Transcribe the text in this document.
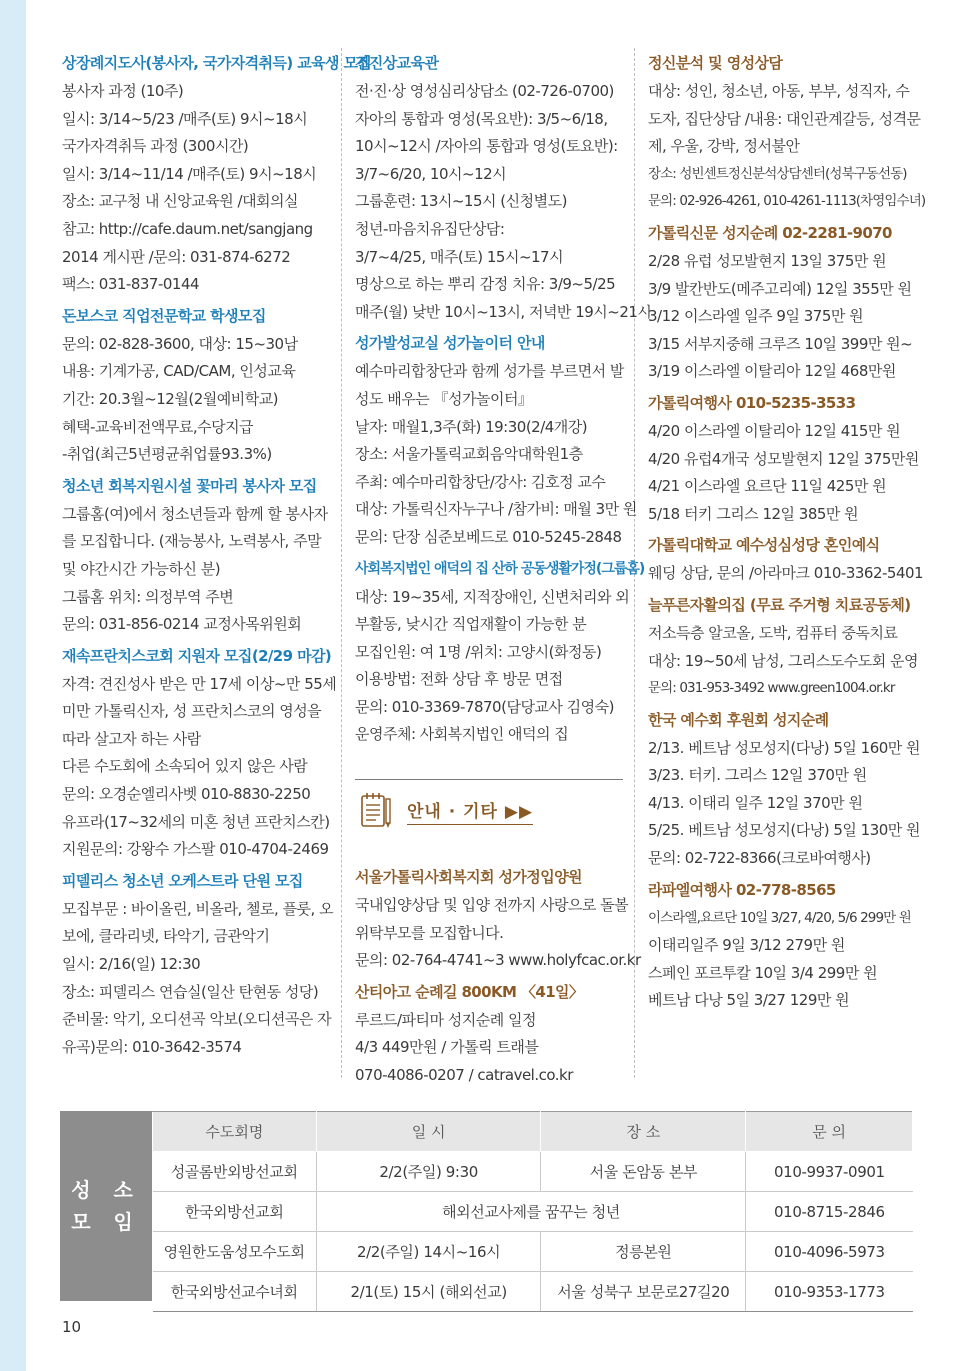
상장례지도사(봉사자, 국가자격취득) 교육생 모집
봉사자 과정 (10주)
일시: 3/14~5/23 /매주(토) 9시~18시
국가자격취득 과정 (300시간)
일시: 3/14~11/14 /매주(토) 9시~18시
장소: 교구청 내 신앙교육원 /대회의실
참고: http://cafe.daum.net/sangjang
2014 게시판 /문의: 031-874-6272
팩스: 031-837-0144
돈보스코 직업전문학교 학생모집
문의: 02-828-3600, 대상: 15~30남
내용: 기계가공, CAD/CAM, 인성교육
기간: 20.3월~12월(2월예비학교)
혜택-교육비전액무료,수당지급
-취업(최근5년평균취업률93.3%)
청소년 회복지원시설 꽃마리 봉사자 모집
그룹홈(여)에서 청소년들과 함께 할 봉사자
를 모집합니다. (재능봉사, 노력봉사, 주말
및 야간시간 가능하신 분)
그룹홈 위치: 의정부역 주변
문의: 031-856-0214 교정사목위원회
재속프란치스코회 지원자 모집(2/29 마감)
자격: 견진성사 받은 만 17세 이상~만 55세
미만 가톨릭신자, 성 프란치스코의 영성을
따라 살고자 하는 사람
다른 수도회에 소속되어 있지 않은 사람
문의: 오경순엘리사벳 010-8830-2250
유프라(17~32세의 미혼 청년 프란치스칸)
지원문의: 강왕수 가스팔 010-4704-2469
피델리스 청소년 오케스트라 단원 모집
모집부문 : 바이올린, 비올라, 첼로, 플룻, 오
보에, 클라리넷, 타악기, 금관악기
일시: 2/16(일) 12:30
장소: 피델리스 연습실(일산 탄현동 성당)
준비물: 악기, 오디션곡 악보(오디션곡은 자
유곡)문의: 010-3642-3574
전진상교육관
전·진·상 영성심리상담소 (02-726-0700)
자아의 통합과 영성(목요반): 3/5~6/18,
10시~12시 /자아의 통합과 영성(토요반):
3/7~6/20, 10시~12시
그룹훈련: 13시~15시 (신청별도)
청년-마음치유집단상담:
3/7~4/25, 매주(토) 15시~17시
명상으로 하는 뿌리 감정 치유: 3/9~5/25
매주(월) 낮반 10시~13시, 저녁반 19시~21시
성가발성교실 성가놀이터 안내
예수마리합창단과 함께 성가를 부르면서 발
성도 배우는 『성가놀이터』
날자: 매월1,3주(화) 19:30(2/4개강)
장소: 서울가톨릭교회음악대학원1층
주최: 예수마리합창단/강사: 김호정 교수
대상: 가톨릭신자누구나 /참가비: 매월 3만 원
문의: 단장 심준보베드로 010-5245-2848
사회복지법인 애덕의 집 산하 공동생활가정(그룹홈)
대상: 19~35세, 지적장애인, 신변처리와 외
부활동, 낮시간 직업재활이 가능한 분
모집인원: 여 1명 /위치: 고양시(화정동)
이용방법: 전화 상담 후 방문 면접
문의: 010-3369-7870(담당교사 김영숙)
운영주체: 사회복지법인 애덕의 집
안내 · 기타 ▶▶
서울가톨릭사회복지회 성가정입양원
국내입양상담 및 입양 전까지 사랑으로 돌볼
위탁부모를 모집합니다.
문의: 02-764-4741~3 www.holyfcac.or.kr
산티아고 순례길 800KM 〈41일〉
루르드/파티마 성지순례 일정
4/3 449만원 / 가톨릭 트래블
070-4086-0207 / catravel.co.kr
정신분석 및 영성상담
대상: 성인, 청소년, 아동, 부부, 성직자, 수
도자, 집단상담 /내용: 대인관계갈등, 성격문
제, 우울, 강박, 정서불안
장소: 성빈센트정신분석상담센터(성북구동선동)
문의: 02-926-4261, 010-4261-1113(차영임수녀)
가톨릭신문 성지순례 02-2281-9070
2/28 유럽 성모발현지 13일 375만 원
3/9 발칸반도(메주고리예) 12일 355만 원
3/12 이스라엘 일주 9일 375만 원
3/15 서부지중해 크루즈 10일 399만 원~
3/19 이스라엘 이탈리아 12일 468만원
가톨릭여행사 010-5235-3533
4/20 이스라엘 이탈리아 12일 415만 원
4/20 유럽4개국 성모발현지 12일 375만원
4/21 이스라엘 요르단 11일 425만 원
5/18 터키 그리스 12일 385만 원
가톨릭대학교 예수성심성당 혼인예식
웨딩 상담, 문의 /아라마크 010-3362-5401
늘푸른자활의집 (무료 주거형 치료공동체)
저소득층 알코올, 도박, 컴퓨터 중독치료
대상: 19~50세 남성, 그리스도수도회 운영
문의: 031-953-3492 www.green1004.or.kr
한국 예수회 후원회 성지순례
2/13. 베트남 성모성지(다낭) 5일 160만 원
3/23. 터키. 그리스 12일 370만 원
4/13. 이태리 일주 12일 370만 원
5/25. 베트남 성모성지(다낭) 5일 130만 원
문의: 02-722-8366(크로바여행사)
라파엘여행사 02-778-8565
이스라엘,요르단 10일 3/27, 4/20, 5/6 299만 원
이태리일주 9일 3/12 279만 원
스페인 포르투칼 10일 3/4 299만 원
베트남 다낭 5일 3/27 129만 원
성 소
모 임
수도회명	일 시	장 소	문 의
성골롬반외방선교회	2/2(주일) 9:30	서울 돈암동 본부	010-9937-0901
한국외방선교회	해외선교사제를 꿈꾸는 청년		010-8715-2846
영원한도움성모수도회	2/2(주일) 14시~16시	정릉본원	010-4096-5973
한국외방선교수녀회	2/1(토) 15시 (해외선교)	서울 성북구 보문로27길20	010-9353-1773
10
